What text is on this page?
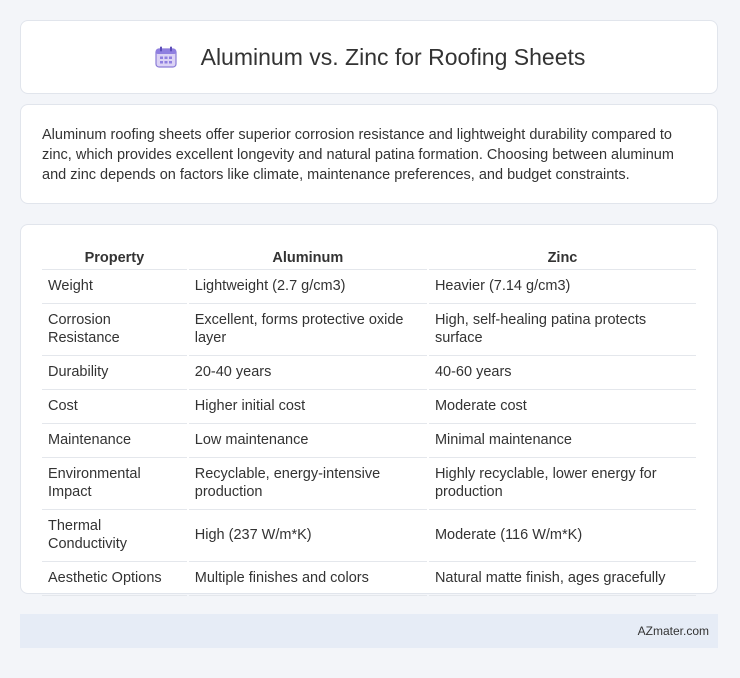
Aluminum vs. Zinc for Roofing Sheets

Aluminum roofing sheets offer superior corrosion resistance and lightweight durability compared to zinc, which provides excellent longevity and natural patina formation. Choosing between aluminum and zinc depends on factors like climate, maintenance preferences, and budget constraints.

Property	Aluminum	Zinc
Weight	Lightweight (2.7 g/cm3)	Heavier (7.14 g/cm3)
Corrosion Resistance	Excellent, forms protective oxide layer	High, self-healing patina protects surface
Durability	20-40 years	40-60 years
Cost	Higher initial cost	Moderate cost
Maintenance	Low maintenance	Minimal maintenance
Environmental Impact	Recyclable, energy-intensive production	Highly recyclable, lower energy for production
Thermal Conductivity	High (237 W/m*K)	Moderate (116 W/m*K)
Aesthetic Options	Multiple finishes and colors	Natural matte finish, ages gracefully
AZmater.com
